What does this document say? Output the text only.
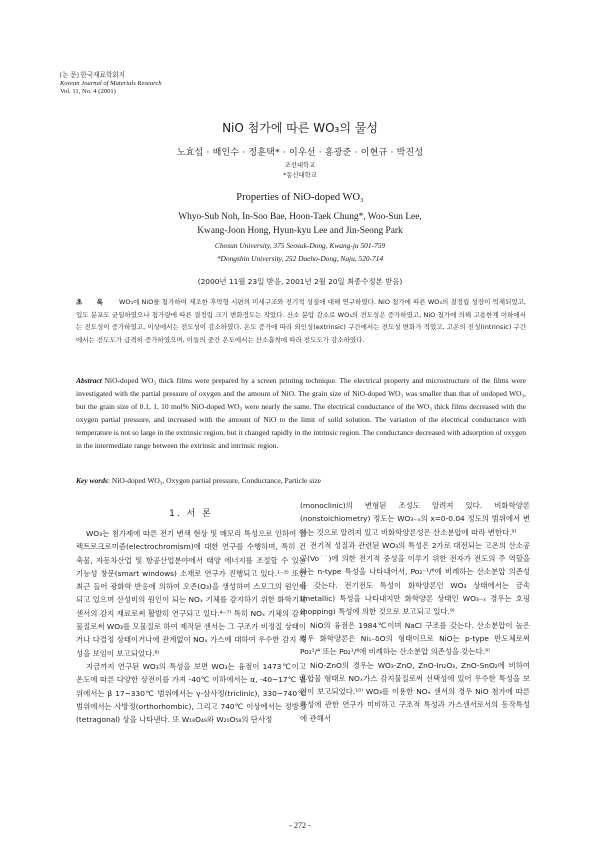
[논 문] 한국재료학회지
Korean Journal of Materials Research
Vol. 11, No. 4 (2001)
NiO 첨가에 따른 WO₃의 물성
노효섭 · 배인수 · 정훈택* · 이우선 · 홍광준 · 이현규 · 박진성
조선대학교
*동신대학교
Properties of NiO-doped WO₃
Whyo-Sub Noh, In-Soo Bae, Hoon-Taek Chung*, Woo-Sun Lee,
Kwang-Joon Hong, Hyun-kyu Lee and Jin-Seong Park
Chosun University, 375 Seosuk-Dong, Kwang-ju 501-759
*Dongshin University, 252 Daeho-Dong, Naju, 520-714
(2000년 11월 23일 받음, 2001년 2월 20일 최종수정본 받음)
초 록 WO₃에 NiO를 첨가하여 제조한 후막형 시편의 미세구조와 전기적 성질에 대해 연구하였다. NiO 첨가에 따른 WO₃의 결정립 성장이 억제되었고, 입도 분포도 균일하였으나 첨가량에 따른 결정립 크기 변화정도는 작았다. 산소 분압 감소로 WO₃의 전도성은 증가하였고, NiO 첨가에 의해 고용한계 이하에서는 전도성이 증가하였고, 이상에서는 전도성이 감소하였다. 온도 증가에 따라 외인성(extrinsic) 구간에서는 전도성 변화가 적었고, 고온의 진성(intrinsic) 구간에서는 전도도가 급격히 증가하였으며, 이들의 중간 온도에서는 산소흡착에 따라 전도도가 감소하였다.
Abstract NiO-doped WO₃ thick films were prepared by a screen printing technique. The electrical property and microstructure of the films were investigated with the partial pressure of oxygen and the amount of NiO. The grain size of NiO-doped WO₃ was smaller than that of undoped WO₃, but the grain size of 0.1, 1, 10 mol% NiO-doped WO₃ were nearly the same. The electrical conductance of the WO₃ thick films decreased with the oxygen partial pressure, and increased with the amount of NiO to the limit of solid solution. The variation of the electrical conductance with temperature is not so large in the extrinsic region, but it changed rapidly in the intrinsic region. The conductance decreased with adsorption of oxygen in the intermediate range between the extrinsic and intrinsic region.
Key words: NiO-doped WO₃, Oxygen partial pressure, Conductance, Particle size
1. 서 론

WO₃는 첨가제에 따른 전기 변색 현상 및 메모리 특성으로 인하여 일렉트로크로미즘(electrochromism)에 대한 연구를 수행하며, 특히 건축물, 자동차산업 및 항공산업분야에서 태양 에너지를 조절할 수 있는 기능성 창문(smart windows) 소재로 연구가 진행되고 있다.¹⁻³⁾ 또한 최근 들어 광화학 반응에 의하여 오존(O₃)을 생성하여 스모그의 원인이 되고 있으며 산성비의 원인이 되는 NOₓ 기체를 감지하기 위한 화학기체 센서의 감지 재료로써 활발히 연구되고 있다.⁴⁻⁷⁾ 특히 NOₓ 기체의 감지 물질로써 WO₃를 모물질로 하여 제작된 센서는 그 구조가 비정질 상태이거나 다결정 상태이거나에 관계없이 NOₓ 가스에 대하여 우수한 감지 특성을 보임이 보고되었다.⁸⁾

지금까지 연구된 WO₃의 특성을 보면 WO₃는 융점이 1473℃이고 온도에 따른 다양한 상전이를 가져 -40℃ 이하에서는 α, -40~17℃ 범위에서는 β 17~330℃ 범위에서는 γ-삼사정(triclinic), 330~740℃ 범위에서는 사방정(orthorhombic), 그리고 740℃ 이상에서는 정방정(tetragonal) 상을 나타낸다. 또 W₁₈O₄₉와 W₂₀O₅₈의 단사정

(monoclinic)의 변형된 조성도 알려져 있다. 비화학양론(nonstoichiometry) 정도는 WO₃₋ₓ의 x=0-0.04 정도의 범위에서 변하는 것으로 알려져 있고 비화학양론성은 산소분압에 따라 변한다.⁹⁾

전기적 성질과 관련된 WO₃의 특성은 2가로 대전되는 고온의 산소공공(Vo˙˙)에 의한 전기적 중성을 이루기 위한 전자가 전도의 주 역할을 하는 n-type 특성을 나타내어서, Po₂⁻¹/⁶에 비례하는 산소분압 의존성을 갖는다. 전기전도 특성이 화학양론인 WO₃ 상태에서는 금속(metallic) 특성을 나타내지만 화학양론 상태인 WO₃₋ₓ 경우는 호핑(hopping) 특성에 의한 것으로 보고되고 있다.⁹⁾

NiO의 융점은 1984℃이며 NaCl 구조를 갖는다. 산소분압이 높은 경우 화학양론은 Ni₁₋δO의 형태이므로 NiO는 p-type 반도체로써 Po₂¹/⁴ 또는 Po₂¹/⁶에 비례하는 산소분압 의존성을 갖는다.⁹⁾

NiO-ZnO의 경우는 WO₃-ZnO, ZnO-In₂O₃, ZnO-SnO₂에 비하여 혼합물 형태로 NOₓ가스 감지물질로써 선택성에 있어 우수한 특성을 보임이 보고되었다.¹⁰⁾ WO₃를 이용한 NOₓ 센서의 경우 NiO 첨가에 따른 특성에 관한 연구가 미비하고 구조적 특성과 가스센서로서의 동작특성에 관해서

- 272 -
